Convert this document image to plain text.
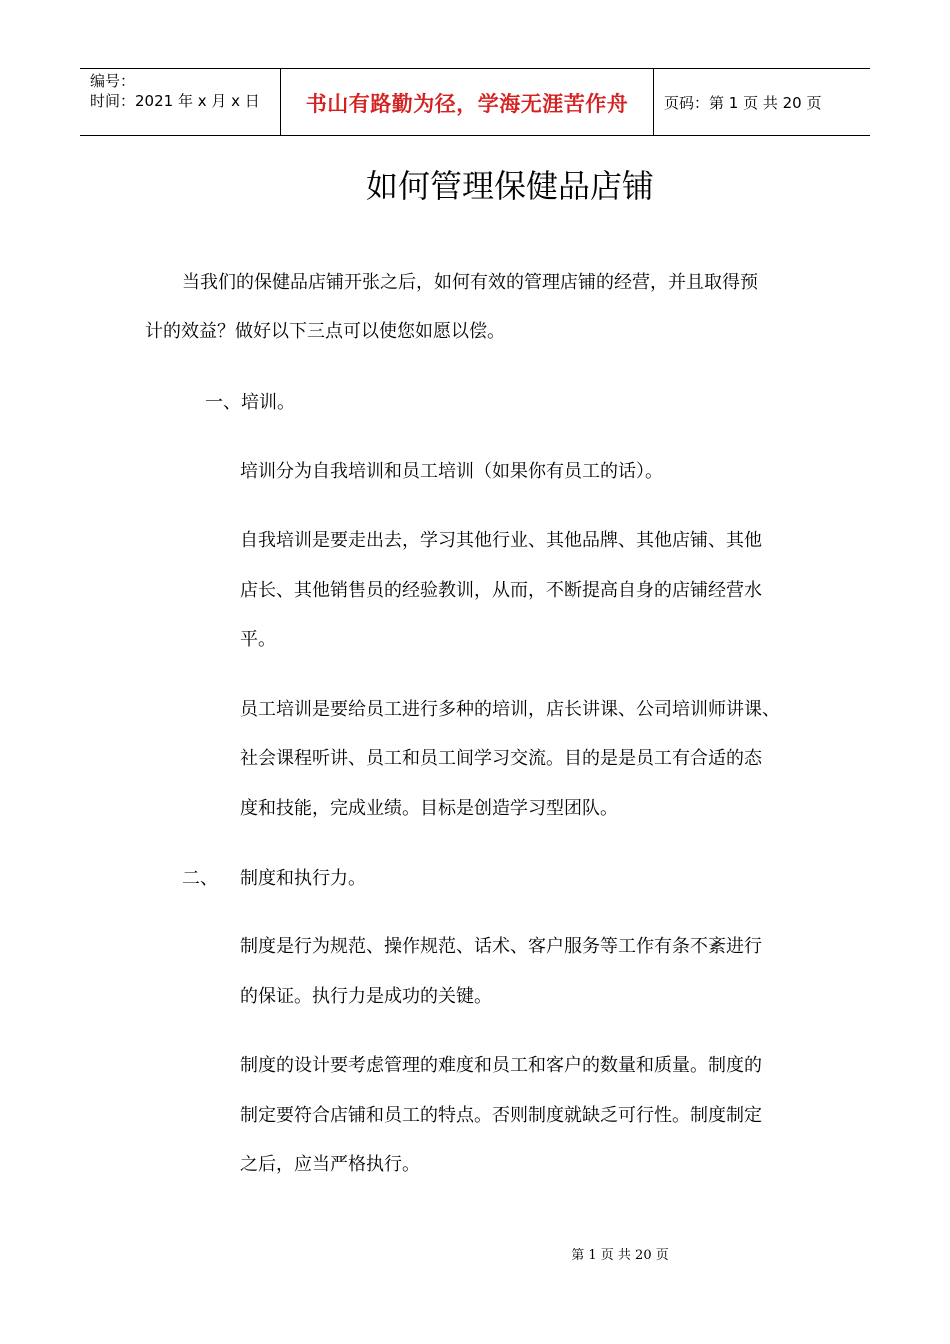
编号：
时间：2021 年 x 月 x 日	书山有路勤为径，学海无涯苦作舟	页码：第 1 页 共 20 页
如何管理保健品店铺
当我们的保健品店铺开张之后，如何有效的管理店铺的经营，并且取得预
计的效益？做好以下三点可以使您如愿以偿。
一、培训。
培训分为自我培训和员工培训（如果你有员工的话）。
自我培训是要走出去，学习其他行业、其他品牌、其他店铺、其他
店长、其他销售员的经验教训，从而，不断提高自身的店铺经营水
平。
员工培训是要给员工进行多种的培训，店长讲课、公司培训师讲课、
社会课程听讲、员工和员工间学习交流。目的是是员工有合适的态
度和技能，完成业绩。目标是创造学习型团队。
二、 制度和执行力。
制度是行为规范、操作规范、话术、客户服务等工作有条不紊进行
的保证。执行力是成功的关键。
制度的设计要考虑管理的难度和员工和客户的数量和质量。制度的
制定要符合店铺和员工的特点。否则制度就缺乏可行性。制度制定
之后，应当严格执行。
第 1 页 共 20 页
